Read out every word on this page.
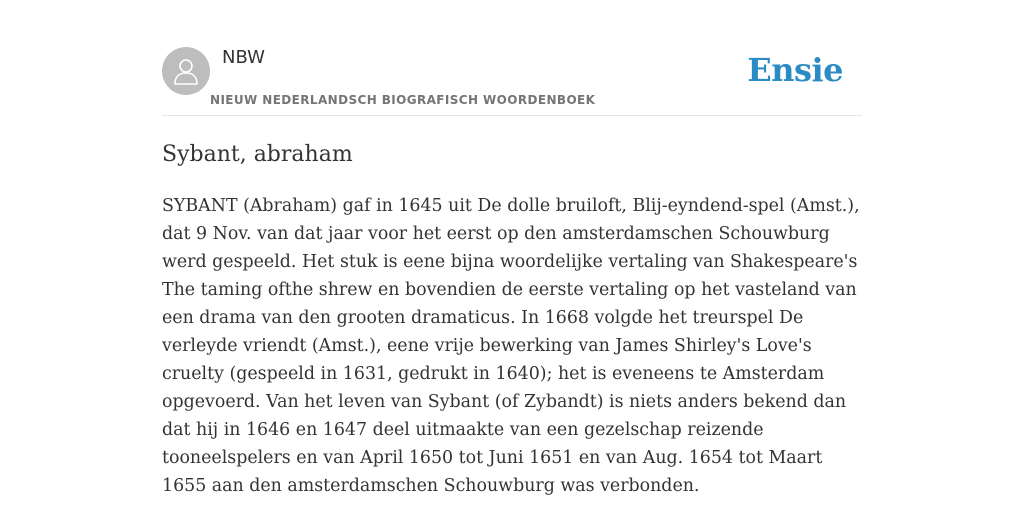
NBW
NIEUW NEDERLANDSCH BIOGRAFISCH WOORDENBOEK
Ensie
Sybant, abraham

SYBANT (Abraham) gaf in 1645 uit De dolle bruiloft, Blij-eyndend-spel (Amst.), dat 9 Nov. van dat jaar voor het eerst op den amsterdamschen Schouwburg werd gespeeld. Het stuk is eene bijna woordelijke vertaling van Shakespeare's The taming ofthe shrew en bovendien de eerste vertaling op het vasteland van een drama van den grooten dramaticus. In 1668 volgde het treurspel De verleyde vriendt (Amst.), eene vrije bewerking van James Shirley's Love's cruelty (gespeeld in 1631, gedrukt in 1640); het is eveneens te Amsterdam opgevoerd. Van het leven van Sybant (of Zybandt) is niets anders bekend dan dat hij in 1646 en 1647 deel uitmaakte van een gezelschap reizende tooneelspelers en van April 1650 tot Juni 1651 en van Aug. 1654 tot Maart 1655 aan den amsterdamschen Schouwburg was verbonden.
